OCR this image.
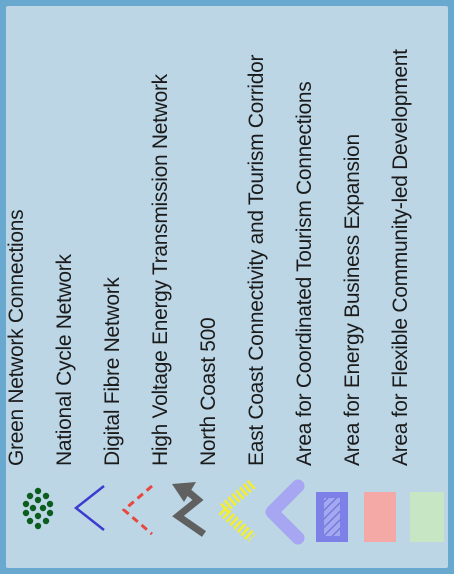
Green Network Connections National Cycle Network Digital Fibre Network High Voltage Energy Transmission Network North Coast 500 East Coast Connectivity and Tourism Corridor Area for Coordinated Tourism Connections Area for Energy Business Expansion Area for Flexible Community-led Development
